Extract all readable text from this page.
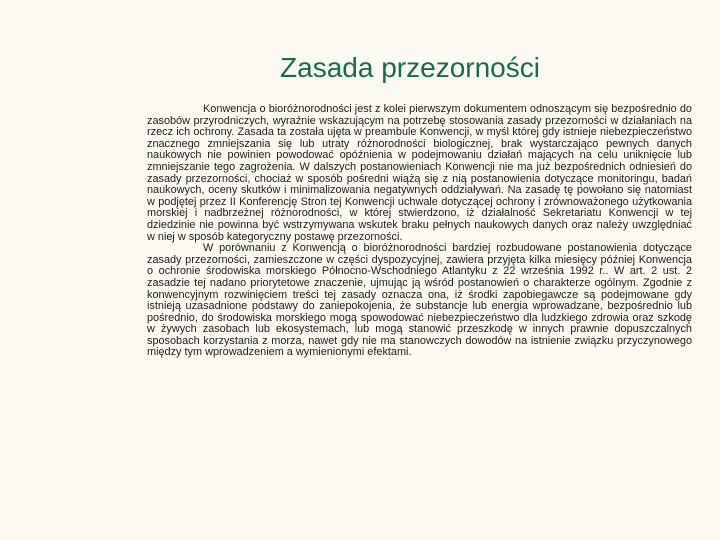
Zasada przezorności

Konwencja o bioróżnorodności jest z kolei pierwszym dokumentem odnoszącym się bezpośrednio do zasobów przyrodniczych, wyraźnie wskazującym na potrzebę stosowania zasady przezorności w działaniach na rzecz ich ochrony. Zasada ta została ujęta w preambule Konwencji, w myśl której gdy istnieje niebezpieczeństwo znacznego zmniejszania się lub utraty różnorodności biologicznej, brak wystarczająco pewnych danych naukowych nie powinien powodować opóźnienia w podejmowaniu działań mających na celu uniknięcie lub zmniejszanie tego zagrożenia. W dalszych postanowieniach Konwencji nie ma już bezpośrednich odniesień do zasady przezorności, chociaż w sposób pośredni wiążą się z nią postanowienia dotyczące monitoringu, badań naukowych, oceny skutków i minimalizowania negatywnych oddziaływań. Na zasadę tę powołano się natomiast w podjętej przez II Konferencję Stron tej Konwencji uchwale dotyczącej ochrony i zrównoważonego użytkowania morskiej i nadbrzeżnej różnorodności, w której stwierdzono, iż działalność Sekretariatu Konwencji w tej dziedzinie nie powinna być wstrzymywana wskutek braku pełnych naukowych danych oraz należy uwzględniać w niej w sposób kategoryczny postawę przezorności.

W porównaniu z Konwencją o bioróżnorodności bardziej rozbudowane postanowienia dotyczące zasady przezorności, zamieszczone w części dyspozycyjnej, zawiera przyjęta kilka miesięcy później Konwencja o ochronie środowiska morskiego Północno-Wschodniego Atlantyku z 22 września 1992 r.. W art. 2 ust. 2 zasadzie tej nadano priorytetowe znaczenie, ujmując ją wśród postanowień o charakterze ogólnym. Zgodnie z konwencyjnym rozwinięciem treści tej zasady oznacza ona, iż środki zapobiegawcze są podejmowane gdy istnieją uzasadnione podstawy do zaniepokojenia, że substancje lub energia wprowadzane, bezpośrednio lub pośrednio, do środowiska morskiego mogą spowodować niebezpieczeństwo dla ludzkiego zdrowia oraz szkodę w żywych zasobach lub ekosystemach, lub mogą stanowić przeszkodę w innych prawnie dopuszczalnych sposobach korzystania z morza, nawet gdy nie ma stanowczych dowodów na istnienie związku przyczynowego między tym wprowadzeniem a wymienionymi efektami.
